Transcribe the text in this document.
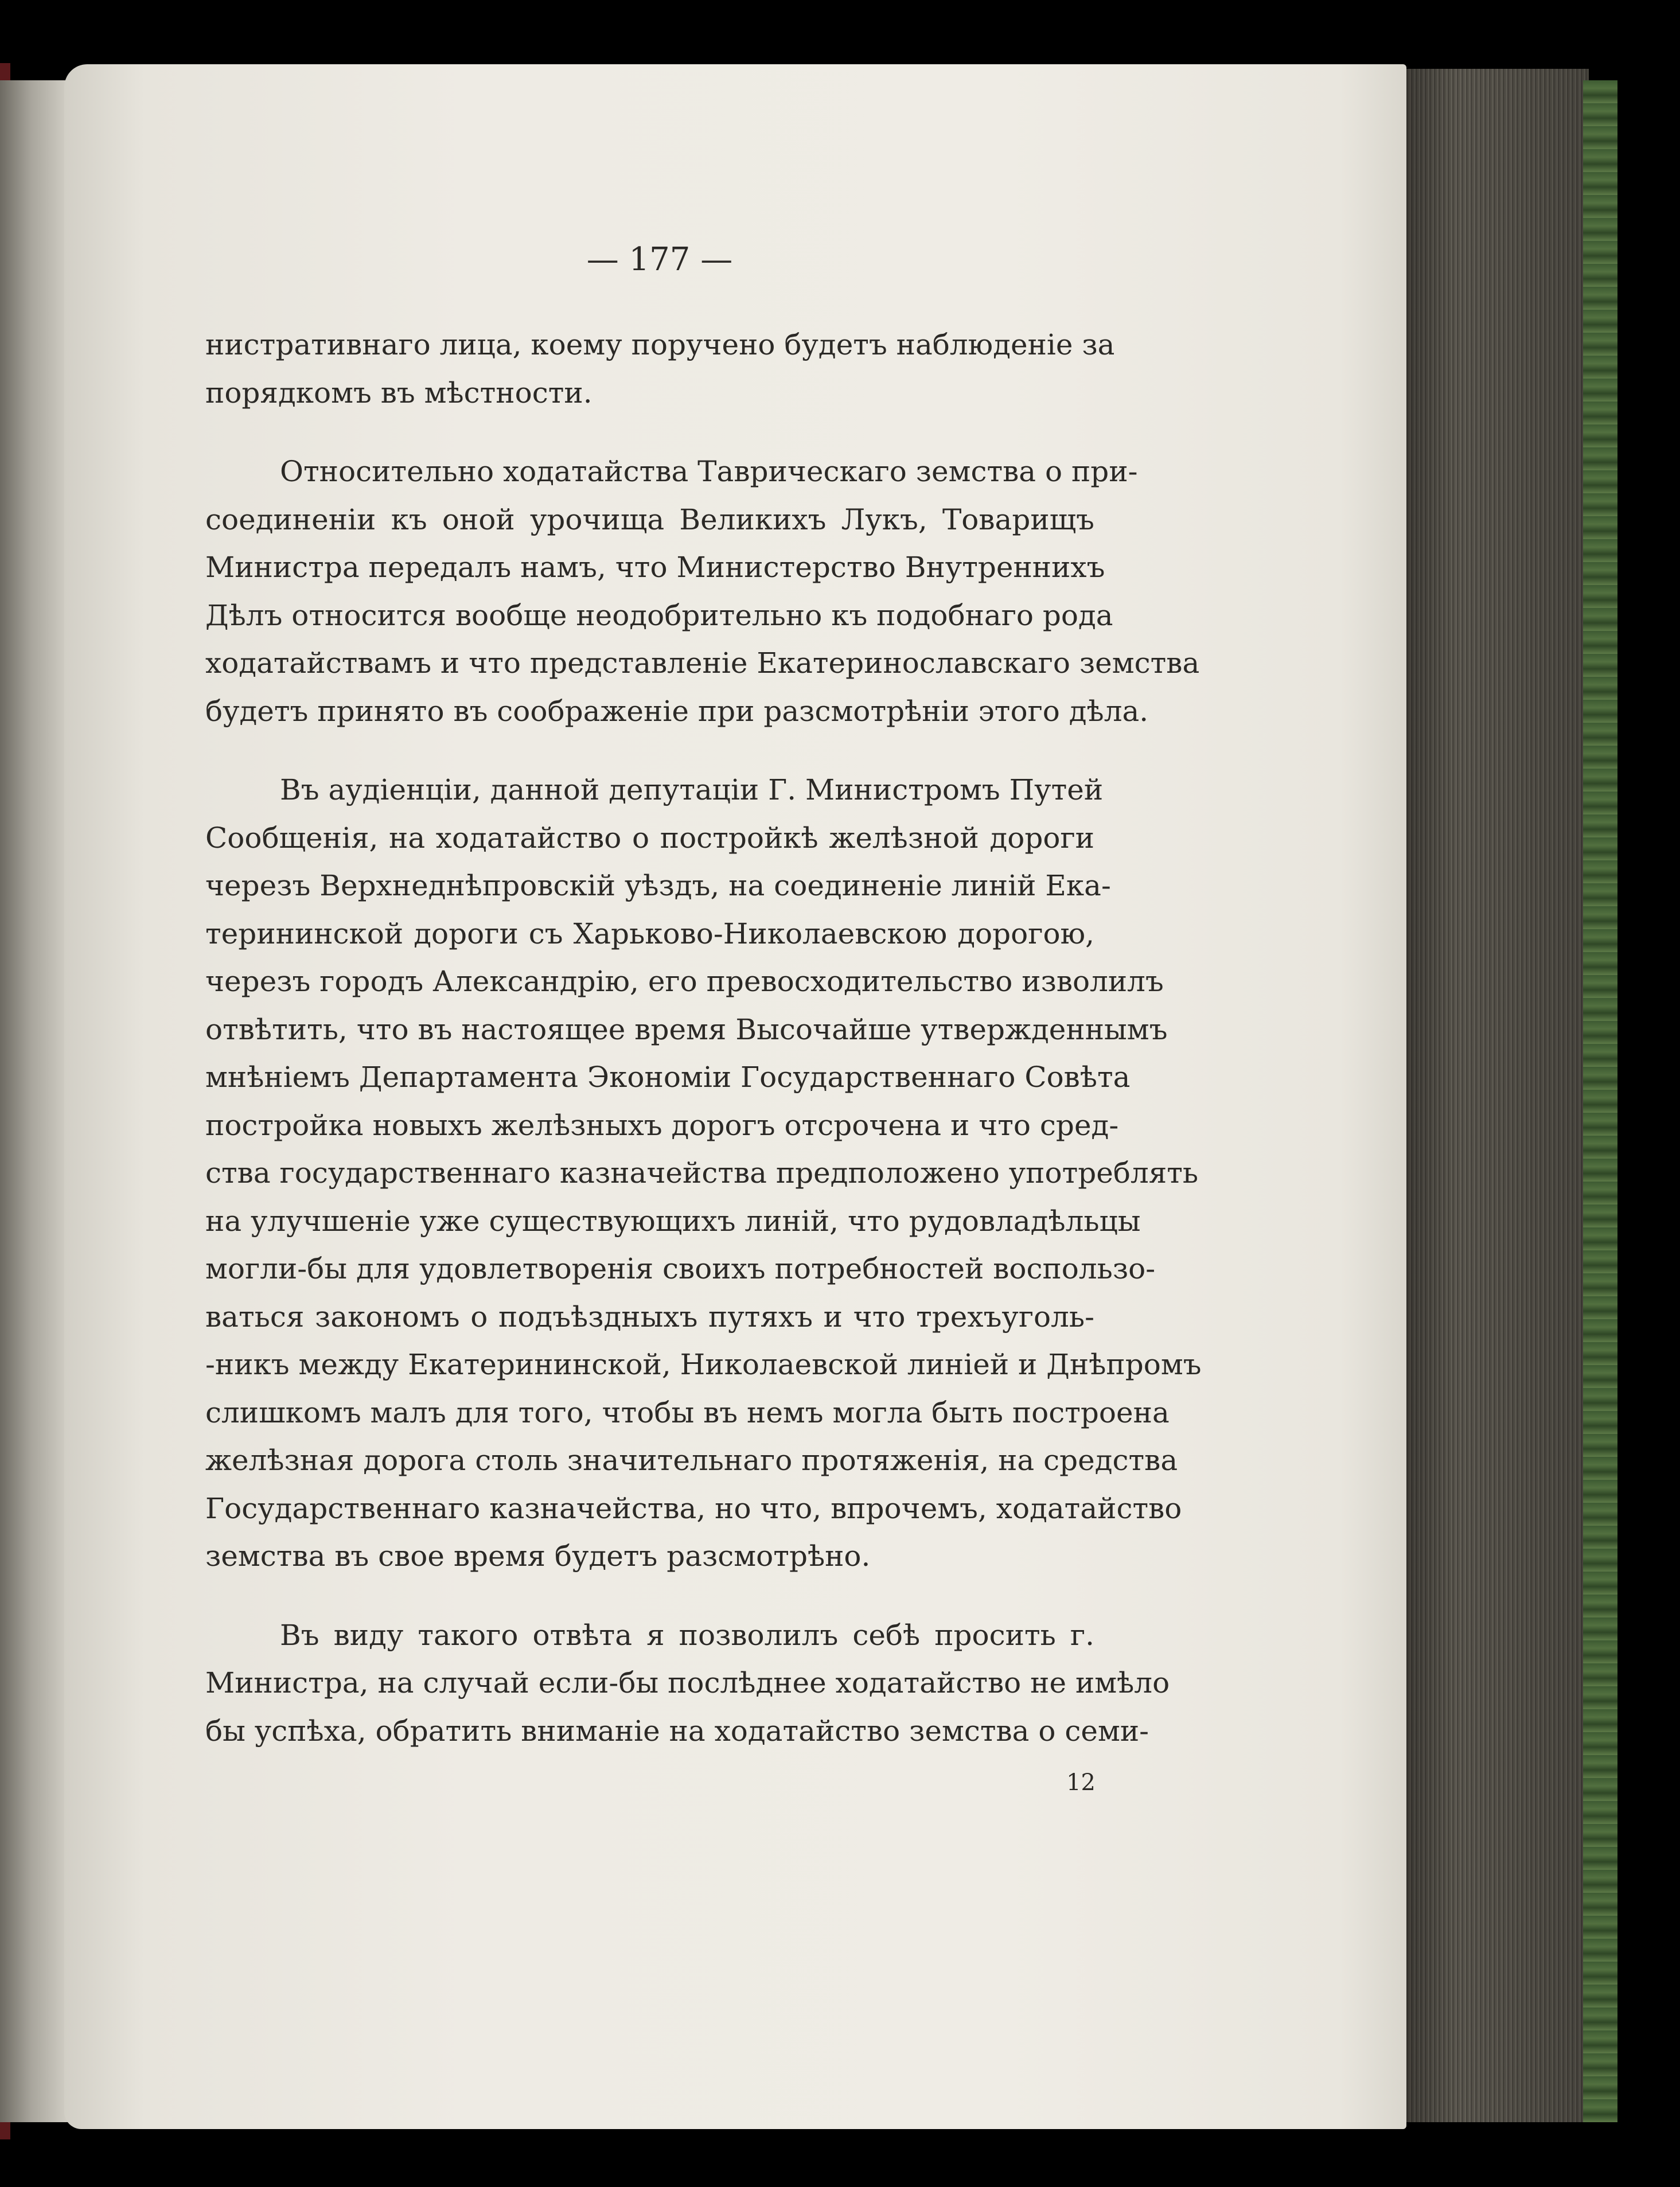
— 177 —
нистративнаго лица, коему поручено будетъ наблюденіе за
порядкомъ въ мѣстности.
Относительно ходатайства Таврическаго земства о при-
соединеніи къ оной урочища Великихъ Лукъ, Товарищъ
Министра передалъ намъ, что Министерство Внутреннихъ
Дѣлъ относится вообще неодобрительно къ подобнаго рода
ходатайствамъ и что представленіе Екатеринославскаго земства
будетъ принято въ соображеніе при разсмотрѣніи этого дѣла.
Въ аудіенціи, данной депутаціи Г. Министромъ Путей
Сообщенія, на ходатайство о постройкѣ желѣзной дороги
черезъ Верхнеднѣпровскій уѣздъ, на соединеніе линій Ека-
терининской дороги съ Харьково-Николаевскою дорогою,
черезъ городъ Александрію, его превосходительство изволилъ
отвѣтить, что въ настоящее время Высочайше утвержденнымъ
мнѣніемъ Департамента Экономіи Государственнаго Совѣта
постройка новыхъ желѣзныхъ дорогъ отсрочена и что сред-
ства государственнаго казначейства предположено употреблять
на улучшеніе уже существующихъ линій, что рудовладѣльцы
могли-бы для удовлетворенія своихъ потребностей воспользо-
ваться закономъ о подъѣздныхъ путяхъ и что трехъуголь-
-никъ между Екатерининской, Николаевской линіей и Днѣпромъ
слишкомъ малъ для того, чтобы въ немъ могла быть построена
желѣзная дорога столь значительнаго протяженія, на средства
Государственнаго казначейства, но что, впрочемъ, ходатайство
земства въ свое время будетъ разсмотрѣно.
Въ виду такого отвѣта я позволилъ себѣ просить г.
Министра, на случай если-бы послѣднее ходатайство не имѣло
бы успѣха, обратить вниманіе на ходатайство земства о семи-
12
